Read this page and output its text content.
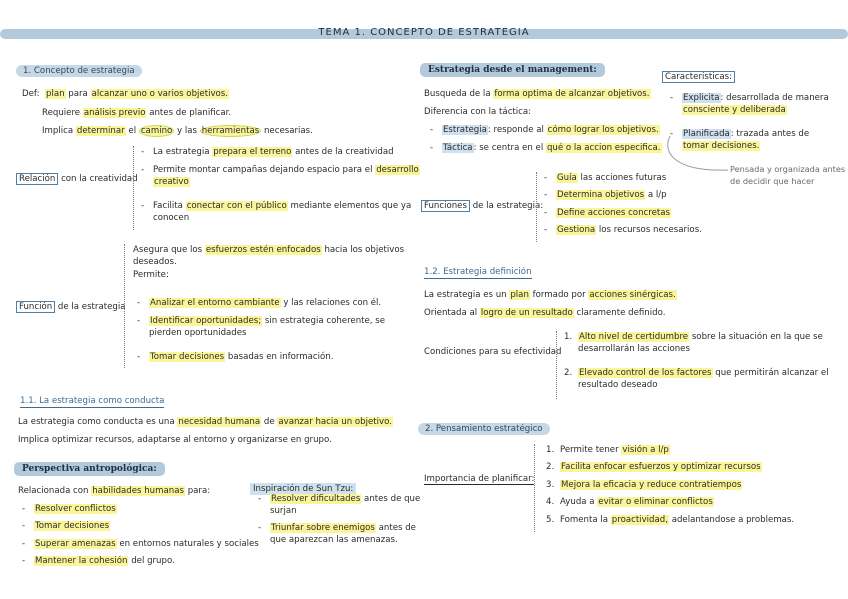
TEMA 1. CONCEPTO DE ESTRATEGIA
1. Concepto de estrategia
Def: plan para alcanzar uno o varios objetivos.
Requiere análisis previo antes de planificar.
Implica determinar el camino y las herramientas necesarias.
Relación con la creatividad
- La estrategia prepara el terreno antes de la creatividad
- Permite montar campañas dejando espacio para el desarrollo
creativo
- Facilita conectar con el público mediante elementos que ya
conocen
Función de la estrategia
Asegura que los esfuerzos estén enfocados hacia los objetivos
deseados.
Permite:
- Analizar el entorno cambiante y las relaciones con él.
- Identificar oportunidades; sin estrategia coherente, se
pierden oportunidades
- Tomar decisiones basadas en información.
1.1. La estrategia como conducta
La estrategia como conducta es una necesidad humana de avanzar hacia un objetivo.
Implica optimizar recursos, adaptarse al entorno y organizarse en grupo.
Perspectiva antropológica:
Relacionada con habilidades humanas para:
- Resolver conflictos
- Tomar decisiones
- Superar amenazas en entornos naturales y sociales
- Mantener la cohesión del grupo.
Inspiración de Sun Tzu:
- Resolver dificultades antes de que
surjan
- Triunfar sobre enemigos antes de
que aparezcan las amenazas.
Estrategia desde el management:
Busqueda de la forma optima de alcanzar objetivos.
Diferencia con la táctica:
- Estrategia: responde al cómo lograr los objetivos.
- Táctica: se centra en el qué o la accion especifica.
Caracteristicas:
- Explicita: desarrollada de manera
consciente y deliberada
- Planificada: trazada antes de
tomar decisiones.
Pensada y organizada antes
de decidir que hacer
Funciones de la estrategia:
- Guía las acciones futuras
- Determina objetivos a l/p
- Define acciones concretas
- Gestiona los recursos necesarios.
1.2. Estrategia definición
La estrategia es un plan formado por acciones sinérgicas.
Orientada al logro de un resultado claramente definido.
Condiciones para su efectividad
1. Alto nivel de certidumbre sobre la situación en la que se
desarrollarán las acciones
2. Elevado control de los factores que permitirán alcanzar el
resultado deseado
2. Pensamiento estratégico
Importancia de planificar:
1. Permite tener visión a l/p
2. Facilita enfocar esfuerzos y optimizar recursos
3. Mejora la eficacia y reduce contratiempos
4. Ayuda a evitar o eliminar conflictos
5. Fomenta la proactividad, adelantandose a problemas.
